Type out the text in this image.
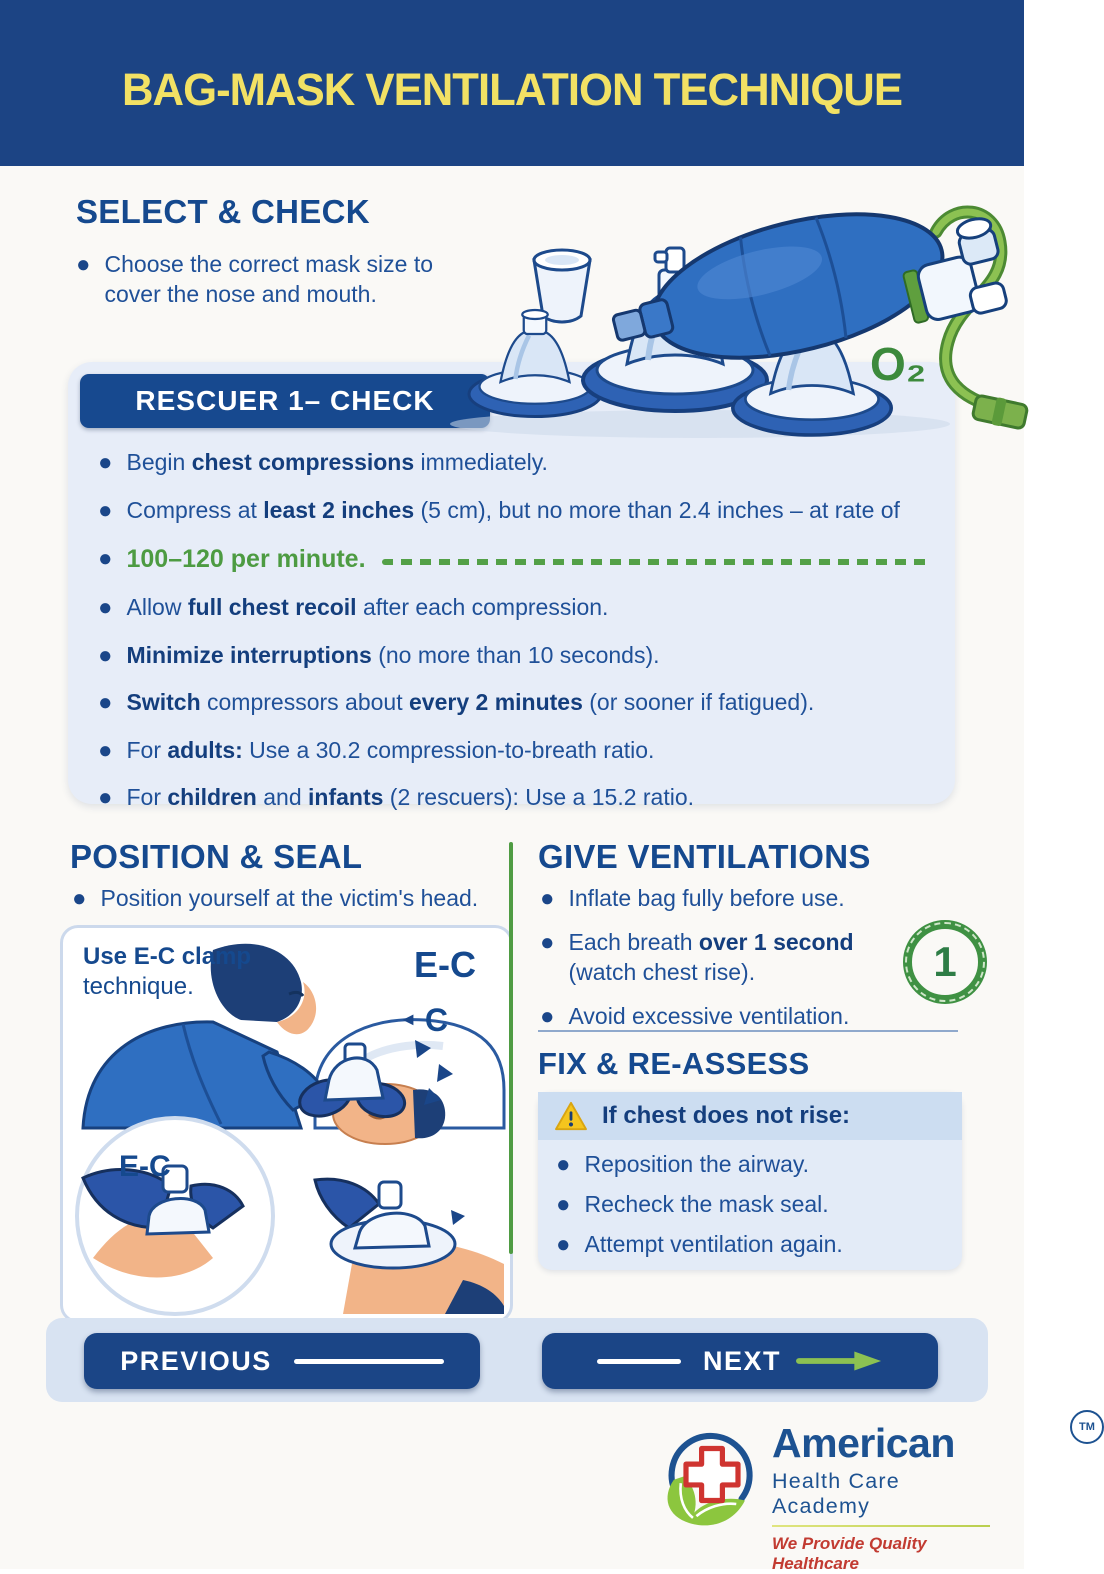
BAG-MASK VENTILATION TECHNIQUE
SELECT & CHECK
● Choose the correct mask size to cover the nose and mouth.
RESCUER 1– CHECK
O₂
● Begin chest compressions immediately.
● Compress at least 2 inches (5 cm), but no more than 2.4 inches – at rate of
● 100–120 per minute.
● Allow full chest recoil after each compression.
● Minimize interruptions (no more than 10 seconds).
● Switch compressors about every 2 minutes (or sooner if fatigued).
● For adults: Use a 30.2 compression-to-breath ratio.
● For children and infants (2 rescuers): Use a 15.2 ratio.
POSITION & SEAL
● Position yourself at the victim's head.
Use E-C clamp
technique.
E-C
◄ C
E-C
GIVE VENTILATIONS
● Inflate bag fully before use.
● Each breath over 1 second (watch chest rise).
● Avoid excessive ventilation.
1
FIX & RE-ASSESS
If chest does not rise:
● Reposition the airway.
● Recheck the mask seal.
● Attempt ventilation again.
PREVIOUS	NEXT
American
Health Care Academy
We Provide Quality Healthcare
TM
